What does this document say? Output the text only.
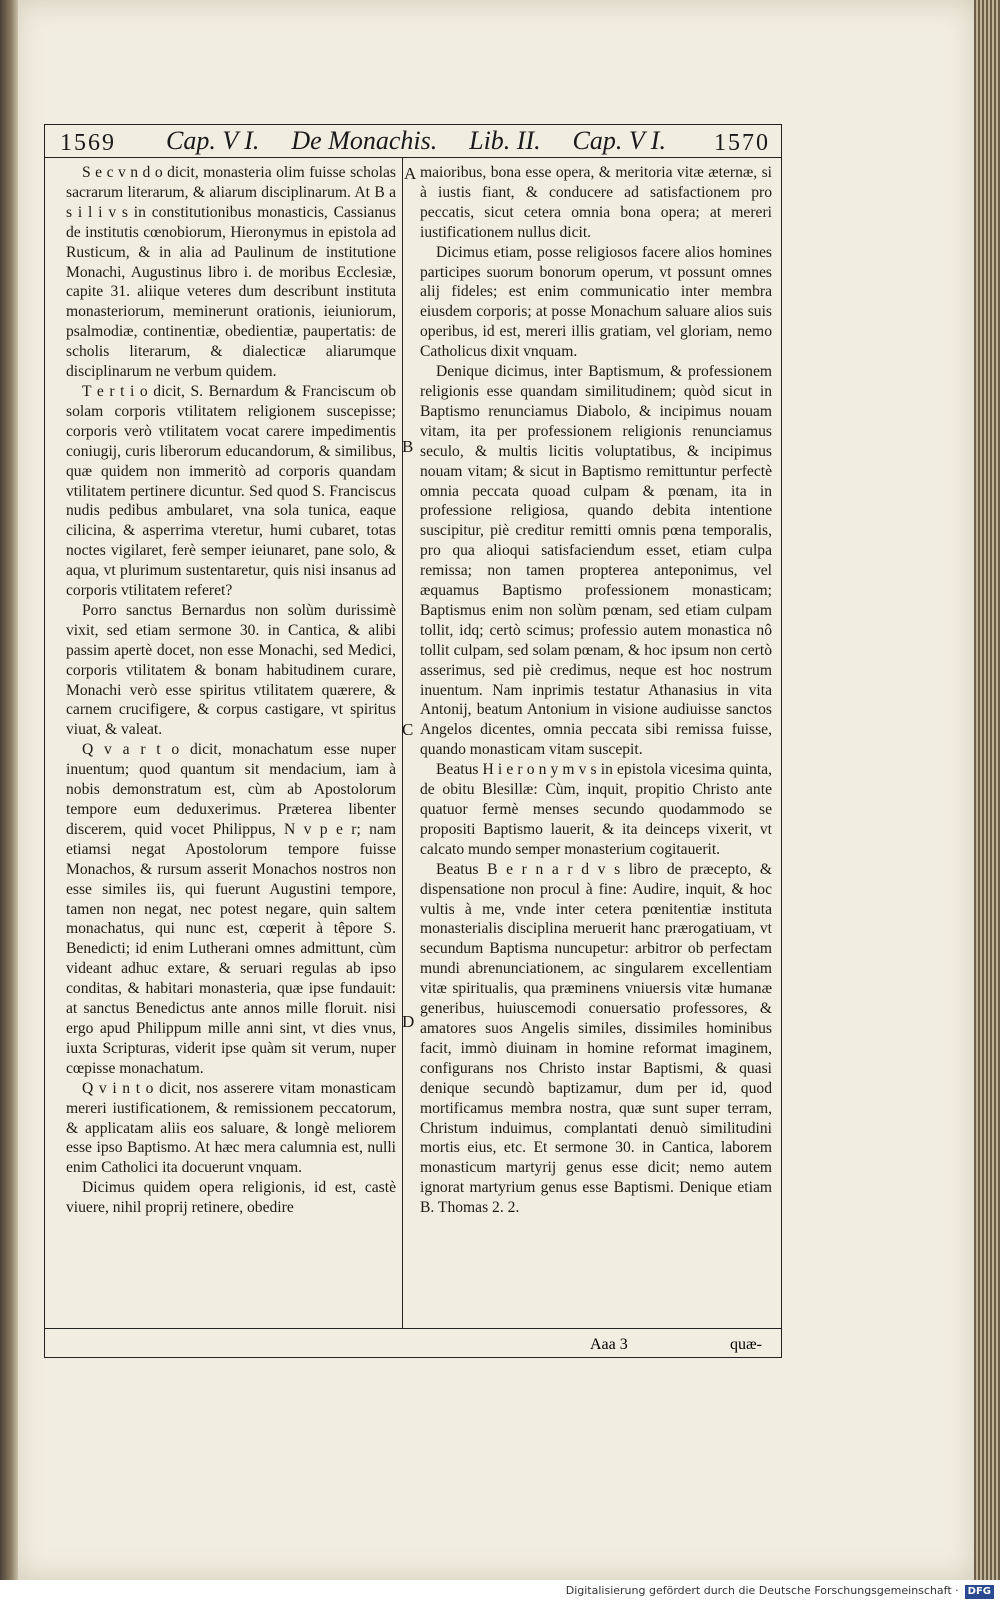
1569 Cap. V I. De Monachis. Lib. II. Cap. V I. 1570

S e c v n d o dicit, monasteria olim fuisse scholas sacrarum literarum, & aliarum disciplinarum. At B a s i l i v s in constitutionibus monasticis, Cassianus de institutis cœnobiorum, Hieronymus in epistola ad Rusticum, & in alia ad Paulinum de institutione Monachi, Augustinus libro i. de moribus Ecclesiæ, capite 31. aliique veteres dum describunt instituta monasteriorum, meminerunt orationis, ieiuniorum, psalmodiæ, continentiæ, obedientiæ, paupertatis: de scholis literarum, & dialecticæ aliarumque disciplinarum ne verbum quidem.

T e r t i o dicit, S. Bernardum & Franciscum ob solam corporis vtilitatem religionem suscepisse; corporis verò vtilitatem vocat carere impedimentis coniugij, curis liberorum educandorum, & similibus, quæ quidem non immeritò ad corporis quandam vtilitatem pertinere dicuntur. Sed quod S. Franciscus nudis pedibus ambularet, vna sola tunica, eaque cilicina, & asperrima vteretur, humi cubaret, totas noctes vigilaret, ferè semper ieiunaret, pane solo, & aqua, vt plurimum sustentaretur, quis nisi insanus ad corporis vtilitatem referet?

Porro sanctus Bernardus non solùm durissimè vixit, sed etiam sermone 30. in Cantica, & alibi passim apertè docet, non esse Monachi, sed Medici, corporis vtilitatem & bonam habitudinem curare, Monachi verò esse spiritus vtilitatem quærere, & carnem crucifigere, & corpus castigare, vt spiritus viuat, & valeat.

Q v a r t o dicit, monachatum esse nuper inuentum; quod quantum sit mendacium, iam à nobis demonstratum est, cùm ab Apostolorum tempore eum deduxerimus. Præterea libenter discerem, quid vocet Philippus, N v p e r; nam etiamsi negat Apostolorum tempore fuisse Monachos, & rursum asserit Monachos nostros non esse similes iis, qui fuerunt Augustini tempore, tamen non negat, nec potest negare, quin saltem monachatus, qui nunc est, cœperit à têpore S. Benedicti; id enim Lutherani omnes admittunt, cùm videant adhuc extare, & seruari regulas ab ipso conditas, & habitari monasteria, quæ ipse fundauit: at sanctus Benedictus ante annos mille floruit. nisi ergo apud Philippum mille anni sint, vt dies vnus, iuxta Scripturas, viderit ipse quàm sit verum, nuper cœpisse monachatum.

Q v i n t o dicit, nos asserere vitam monasticam mereri iustificationem, & remissionem peccatorum, & applicatam aliis eos saluare, & longè meliorem esse ipso Baptismo. At hæc mera calumnia est, nulli enim Catholici ita docuerunt vnquam.

Dicimus quidem opera religionis, id est, castè viuere, nihil proprij retinere, obedire

maioribus, bona esse opera, & meritoria vitæ æternæ, si à iustis fiant, & conducere ad satisfactionem pro peccatis, sicut cetera omnia bona opera; at mereri iustificationem nullus dicit.

Dicimus etiam, posse religiosos facere alios homines participes suorum bonorum operum, vt possunt omnes alij fideles; est enim communicatio inter membra eiusdem corporis; at posse Monachum saluare alios suis operibus, id est, mereri illis gratiam, vel gloriam, nemo Catholicus dixit vnquam.

Denique dicimus, inter Baptismum, & professionem religionis esse quandam similitudinem; quòd sicut in Baptismo renunciamus Diabolo, & incipimus nouam vitam, ita per professionem religionis renunciamus seculo, & multis licitis voluptatibus, & incipimus nouam vitam; & sicut in Baptismo remittuntur perfectè omnia peccata quoad culpam & pœnam, ita in professione religiosa, quando debita intentione suscipitur, piè creditur remitti omnis pœna temporalis, pro qua alioqui satisfaciendum esset, etiam culpa remissa; non tamen propterea anteponimus, vel æquamus Baptismo professionem monasticam; Baptismus enim non solùm pœnam, sed etiam culpam tollit, idq; certò scimus; professio autem monastica nô tollit culpam, sed solam pœnam, & hoc ipsum non certò asserimus, sed piè credimus, neque est hoc nostrum inuentum. Nam inprimis testatur Athanasius in vita Antonij, beatum Antonium in visione audiuisse sanctos Angelos dicentes, omnia peccata sibi remissa fuisse, quando monasticam vitam suscepit.

Beatus H i e r o n y m v s in epistola vicesima quinta, de obitu Blesillæ: Cùm, inquit, propitio Christo ante quatuor fermè menses secundo quodammodo se propositi Baptismo lauerit, & ita deinceps vixerit, vt calcato mundo semper monasterium cogitauerit.

Beatus B e r n a r d v s libro de præcepto, & dispensatione non procul à fine: Audire, inquit, & hoc vultis à me, vnde inter cetera pœnitentiæ instituta monasterialis disciplina meruerit hanc prærogatiuam, vt secundum Baptisma nuncupetur: arbitror ob perfectam mundi abrenunciationem, ac singularem excellentiam vitæ spiritualis, qua præminens vniuersis vitæ humanæ generibus, huiuscemodi conuersatio professores, & amatores suos Angelis similes, dissimiles hominibus facit, immò diuinam in homine reformat imaginem, configurans nos Christo instar Baptismi, & quasi denique secundò baptizamur, dum per id, quod mortificamus membra nostra, quæ sunt super terram, Christum induimus, complantati denuò similitudini mortis eius, etc. Et sermone 30. in Cantica, laborem monasticum martyrij genus esse dicit; nemo autem ignorat martyrium genus esse Baptismi. Denique etiam B. Thomas 2. 2.

A
B
C
D
Aaa 3	quæ-
Digitalisierung gefördert durch die Deutsche Forschungsgemeinschaft · DFG
